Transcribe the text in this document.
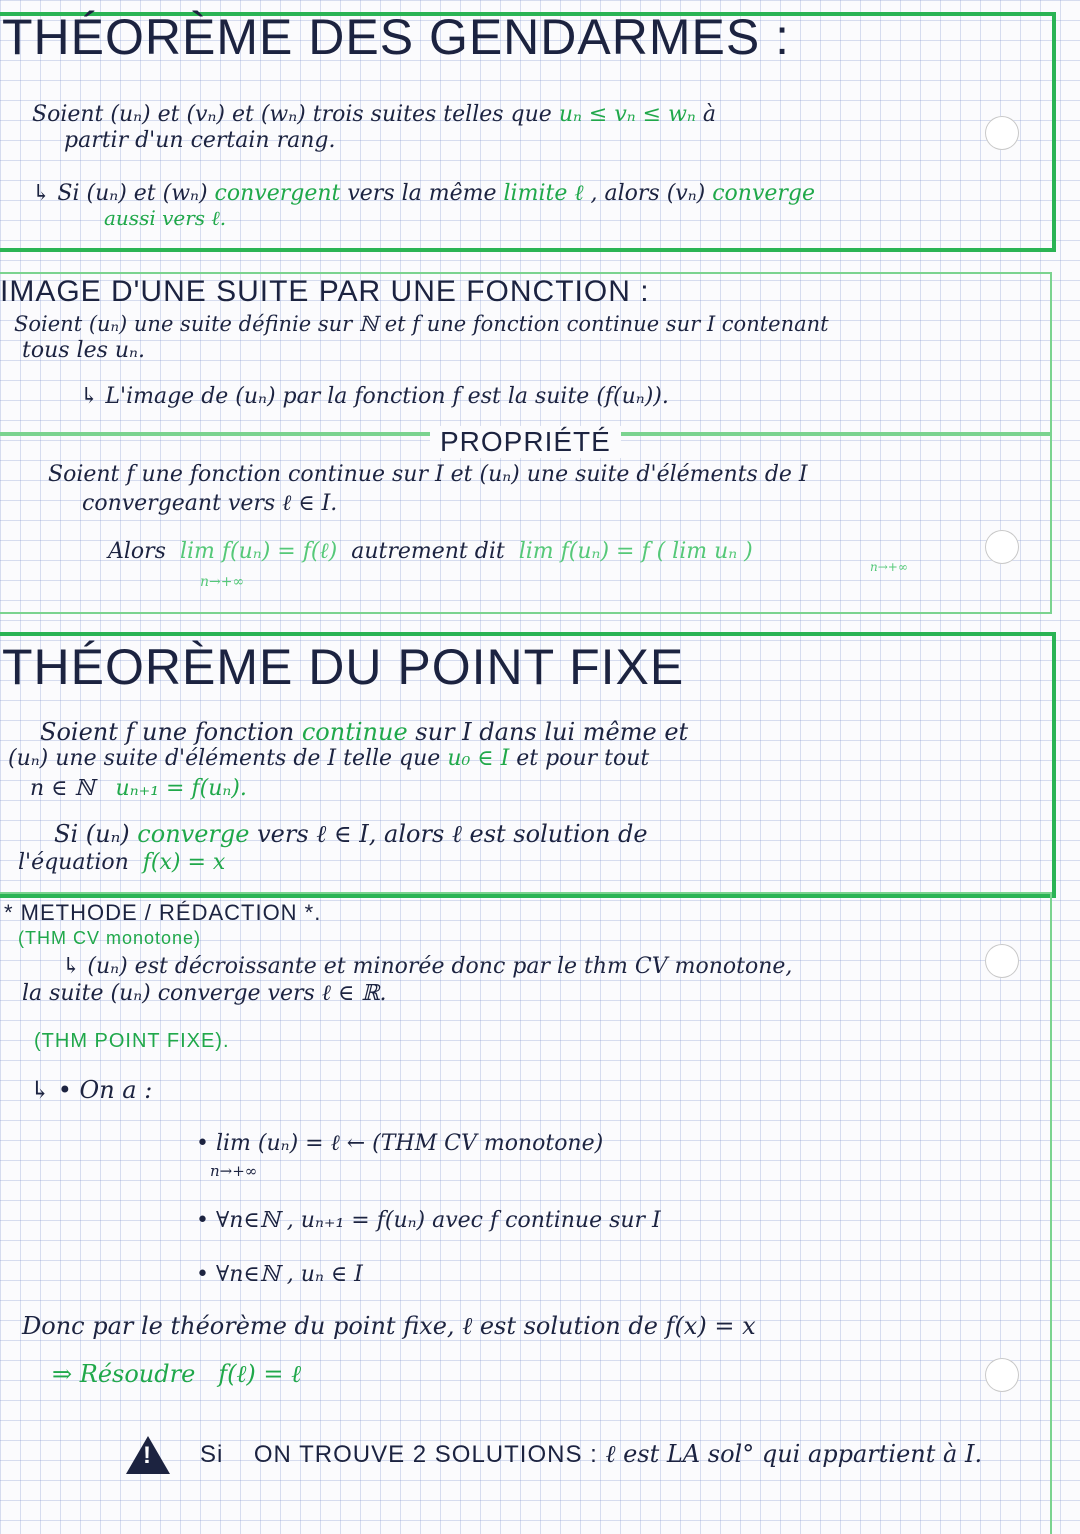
THÉORÈME DES GENDARMES :
Soient (uₙ) et (vₙ) et (wₙ) trois suites telles que uₙ ≤ vₙ ≤ wₙ à
partir d'un certain rang.
↳ Si (uₙ) et (wₙ) convergent vers la même limite ℓ , alors (vₙ) converge
aussi vers ℓ.
IMAGE D'UNE SUITE PAR UNE FONCTION :
Soient (uₙ) une suite définie sur ℕ et f une fonction continue sur I contenant
tous les uₙ.
↳ L'image de (uₙ) par la fonction f est la suite (f(uₙ)).
PROPRIÉTÉ
Soient f une fonction continue sur I et (uₙ) une suite d'éléments de I
convergeant vers ℓ ∈ I.
Alors lim f(uₙ) = f(ℓ) autrement dit lim f(uₙ) = f ( lim uₙ )
n→+∞
n→+∞
THÉORÈME DU POINT FIXE
Soient f une fonction continue sur I dans lui même et
(uₙ) une suite d'éléments de I telle que u₀ ∈ I et pour tout
n ∈ ℕ uₙ₊₁ = f(uₙ).
Si (uₙ) converge vers ℓ ∈ I, alors ℓ est solution de
l'équation f(x) = x
* METHODE / RÉDACTION *.
(THM CV monotone)
↳ (uₙ) est décroissante et minorée donc par le thm CV monotone,
la suite (uₙ) converge vers ℓ ∈ ℝ.
(THM POINT FIXE).
↳ • On a :
• lim (uₙ) = ℓ ← (THM CV monotone)
n→+∞
• ∀n∈ℕ , uₙ₊₁ = f(uₙ) avec f continue sur I
• ∀n∈ℕ , uₙ ∈ I
Donc par le théorème du point fixe, ℓ est solution de f(x) = x
⇒ Résoudre f(ℓ) = ℓ
!
Si ON TROUVE 2 SOLUTIONS : ℓ est LA sol° qui appartient à I.
